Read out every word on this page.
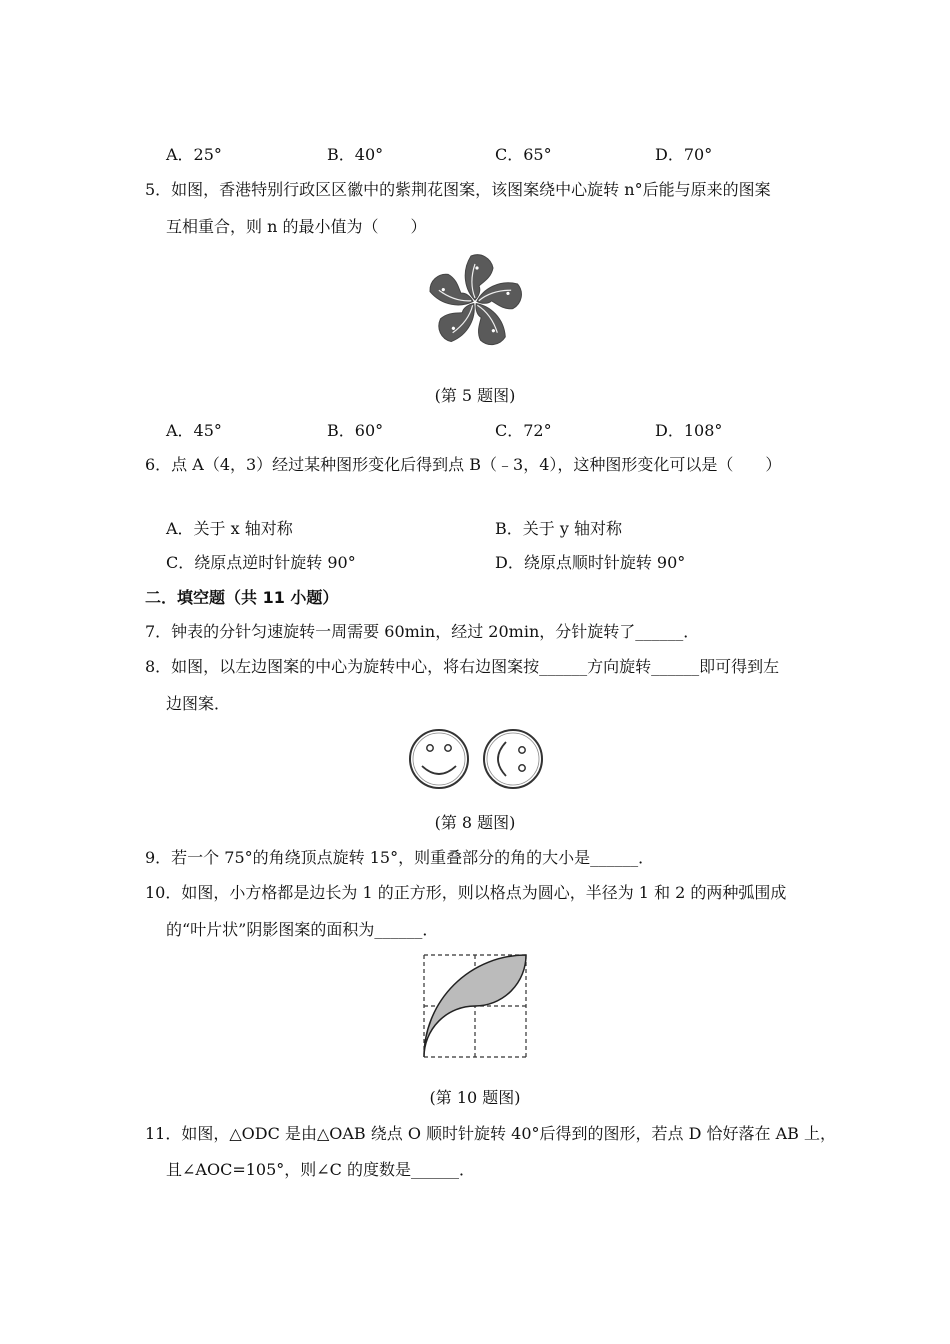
A．25°	B．40°	C．65°	D．70°
5．如图，香港特别行政区区徽中的紫荆花图案，该图案绕中心旋转 n°后能与原来的图案
互相重合，则 n 的最小值为（　　）
(第 5 题图)
A．45°	B．60°	C．72°	D．108°
6．点 A（4，3）经过某种图形变化后得到点 B（﹣3，4），这种图形变化可以是（　　）
A．关于 x 轴对称	B．关于 y 轴对称
C．绕原点逆时针旋转 90°	D．绕原点顺时针旋转 90°
二．填空题（共 11 小题）
7．钟表的分针匀速旋转一周需要 60min，经过 20min，分针旋转了______．
8．如图，以左边图案的中心为旋转中心，将右边图案按______方向旋转______即可得到左
边图案．
(第 8 题图)
9．若一个 75°的角绕顶点旋转 15°，则重叠部分的角的大小是______．
10．如图，小方格都是边长为 1 的正方形，则以格点为圆心，半径为 1 和 2 的两种弧围成
的“叶片状”阴影图案的面积为______．
(第 10 题图)
11．如图，△ODC 是由△OAB 绕点 O 顺时针旋转 40°后得到的图形，若点 D 恰好落在 AB 上，
且∠AOC=105°，则∠C 的度数是______．
